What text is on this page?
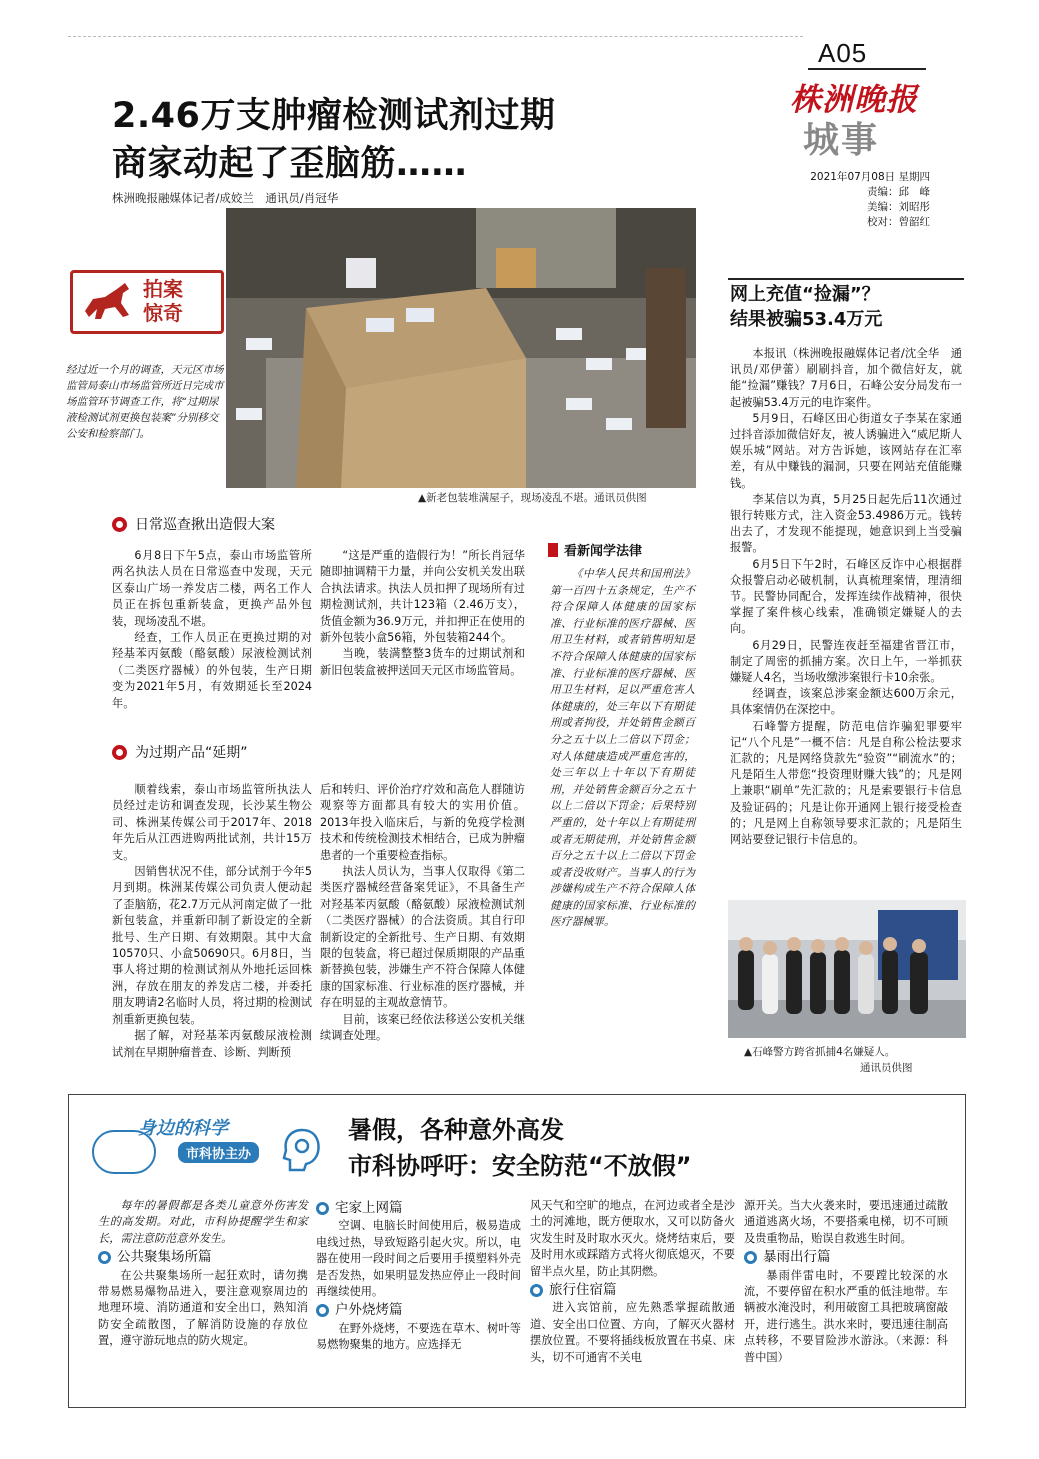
A05
株洲晚报
城事
2021年07月08日 星期四
责编：邱　峰
美编：刘昭彤
校对：曾韶红
2.46万支肿瘤检测试剂过期
商家动起了歪脑筋……
株洲晚报融媒体记者/成姣兰　通讯员/肖冠华
▲新老包装堆满屋子，现场凌乱不堪。通讯员供图
拍案
惊奇
经过近一个月的调查，天元区市场监管局泰山市场监管所近日完成市场监管环节调查工作，将“过期尿液检测试剂更换包装案”分别移交公安和检察部门。
日常巡查揪出造假大案

6月8日下午5点，泰山市场监管所两名执法人员在日常巡查中发现，天元区泰山广场一养发店二楼，两名工作人员正在拆包重新装盒，更换产品外包装，现场凌乱不堪。

经查，工作人员正在更换过期的对羟基苯丙氨酸（酪氨酸）尿液检测试剂（二类医疗器械）的外包装，生产日期变为2021年5月，有效期延长至2024年。

“这是严重的造假行为！”所长肖冠华随即抽调精干力量，并向公安机关发出联合执法请求。执法人员扣押了现场所有过期检测试剂，共计123箱（2.46万支），货值金额为36.9万元，并扣押正在使用的新外包装小盒56箱，外包装箱244个。

当晚，装满整整3货车的过期试剂和新旧包装盒被押送回天元区市场监管局。

为过期产品“延期”

顺着线索，泰山市场监管所执法人员经过走访和调查发现，长沙某生物公司、株洲某传媒公司于2017年、2018年先后从江西进购两批试剂，共计15万支。

因销售状况不佳，部分试剂于今年5月到期。株洲某传媒公司负责人便动起了歪脑筋，花2.7万元从河南定做了一批新包装盒，并重新印制了新设定的全新批号、生产日期、有效期限。其中大盒10570只、小盒50690只。6月8日，当事人将过期的检测试剂从外地托运回株洲，存放在朋友的养发店二楼，并委托朋友聘请2名临时人员，将过期的检测试剂重新更换包装。

据了解，对羟基苯丙氨酸尿液检测试剂在早期肿瘤普查、诊断、判断预

后和转归、评价治疗疗效和高危人群随访观察等方面都具有较大的实用价值。2013年投入临床后，与新的免疫学检测技术和传统检测技术相结合，已成为肿瘤患者的一个重要检查指标。

执法人员认为，当事人仅取得《第二类医疗器械经营备案凭证》，不具备生产对羟基苯丙氨酸（酪氨酸）尿液检测试剂（二类医疗器械）的合法资质。其自行印制新设定的全新批号、生产日期、有效期限的包装盒，将已超过保质期限的产品重新替换包装，涉嫌生产不符合保障人体健康的国家标准、行业标准的医疗器械，并存在明显的主观故意情节。

目前，该案已经依法移送公安机关继续调查处理。

看新闻学法律

《中华人民共和国刑法》第一百四十五条规定，生产不符合保障人体健康的国家标准、行业标准的医疗器械、医用卫生材料，或者销售明知是不符合保障人体健康的国家标准、行业标准的医疗器械、医用卫生材料，足以严重危害人体健康的，处三年以下有期徒刑或者拘役，并处销售金额百分之五十以上二倍以下罚金；对人体健康造成严重危害的，处三年以上十年以下有期徒刑，并处销售金额百分之五十以上二倍以下罚金；后果特别严重的，处十年以上有期徒刑或者无期徒刑，并处销售金额百分之五十以上二倍以下罚金或者没收财产。当事人的行为涉嫌构成生产不符合保障人体健康的国家标准、行业标准的医疗器械罪。

网上充值“捡漏”？
结果被骗53.4万元

本报讯（株洲晚报融媒体记者/沈全华　通讯员/邓伊蕾）刷刷抖音，加个微信好友，就能“捡漏”赚钱？7月6日，石峰公安分局发布一起被骗53.4万元的电诈案件。

5月9日，石峰区田心街道女子李某在家通过抖音添加微信好友，被人诱骗进入“威尼斯人娱乐城”网站。对方告诉她，该网站存在汇率差，有从中赚钱的漏洞，只要在网站充值能赚钱。

李某信以为真，5月25日起先后11次通过银行转账方式，注入资金53.4986万元。钱转出去了，才发现不能提现，她意识到上当受骗报警。

6月5日下午2时，石峰区反诈中心根据群众报警启动必破机制，认真梳理案情，理清细节。民警协同配合，发挥连续作战精神，很快掌握了案件核心线索，准确锁定嫌疑人的去向。

6月29日，民警连夜赶至福建省晋江市，制定了周密的抓捕方案。次日上午，一举抓获嫌疑人4名，当场收缴涉案银行卡10余张。

经调查，该案总涉案金额达600万余元，具体案情仍在深挖中。

石峰警方提醒，防范电信诈骗犯罪要牢记“八个凡是”一概不信：凡是自称公检法要求汇款的；凡是网络贷款先“验资”“刷流水”的；凡是陌生人带您“投资理财赚大钱”的；凡是网上兼职“刷单”先汇款的；凡是索要银行卡信息及验证码的；凡是让你开通网上银行接受检查的；凡是网上自称领导要求汇款的；凡是陌生网站要登记银行卡信息的。

▲石峰警方跨省抓捕4名嫌疑人。
通讯员供图
身边的科学
市科协主办
暑假，各种意外高发
市科协呼吁：安全防范“不放假”

每年的暑假都是各类儿童意外伤害发生的高发期。对此，市科协提醒学生和家长，需注意防范意外发生。

公共聚集场所篇

在公共聚集场所一起狂欢时，请勿携带易燃易爆物品进入，要注意观察周边的地理环境、消防通道和安全出口，熟知消防安全疏散图，了解消防设施的存放位置，遵守游玩地点的防火规定。

宅家上网篇

空调、电脑长时间使用后，极易造成电线过热，导致短路引起火灾。所以，电器在使用一段时间之后要用手摸塑料外壳是否发热，如果明显发热应停止一段时间再继续使用。

户外烧烤篇

在野外烧烤，不要选在草木、树叶等易燃物聚集的地方。应选择无

风天气和空旷的地点，在河边或者全是沙土的河滩地，既方便取水，又可以防备火灾发生时及时取水灭火。烧烤结束后，要及时用水或踩踏方式将火彻底熄灭，不要留半点火星，防止其阴燃。

旅行住宿篇

进入宾馆前，应先熟悉掌握疏散通道、安全出口位置、方向，了解灭火器材摆放位置。不要将插线板放置在书桌、床头，切不可通宵不关电

源开关。当大火袭来时，要迅速通过疏散通道逃离火场，不要搭乘电梯，切不可顾及贵重物品，贻误自救逃生时间。

暴雨出行篇

暴雨伴雷电时，不要蹚比较深的水流，不要停留在积水严重的低洼地带。车辆被水淹没时，利用破窗工具把玻璃窗敲开，进行逃生。洪水来时，要迅速往制高点转移，不要冒险涉水游泳。（来源：科普中国）
